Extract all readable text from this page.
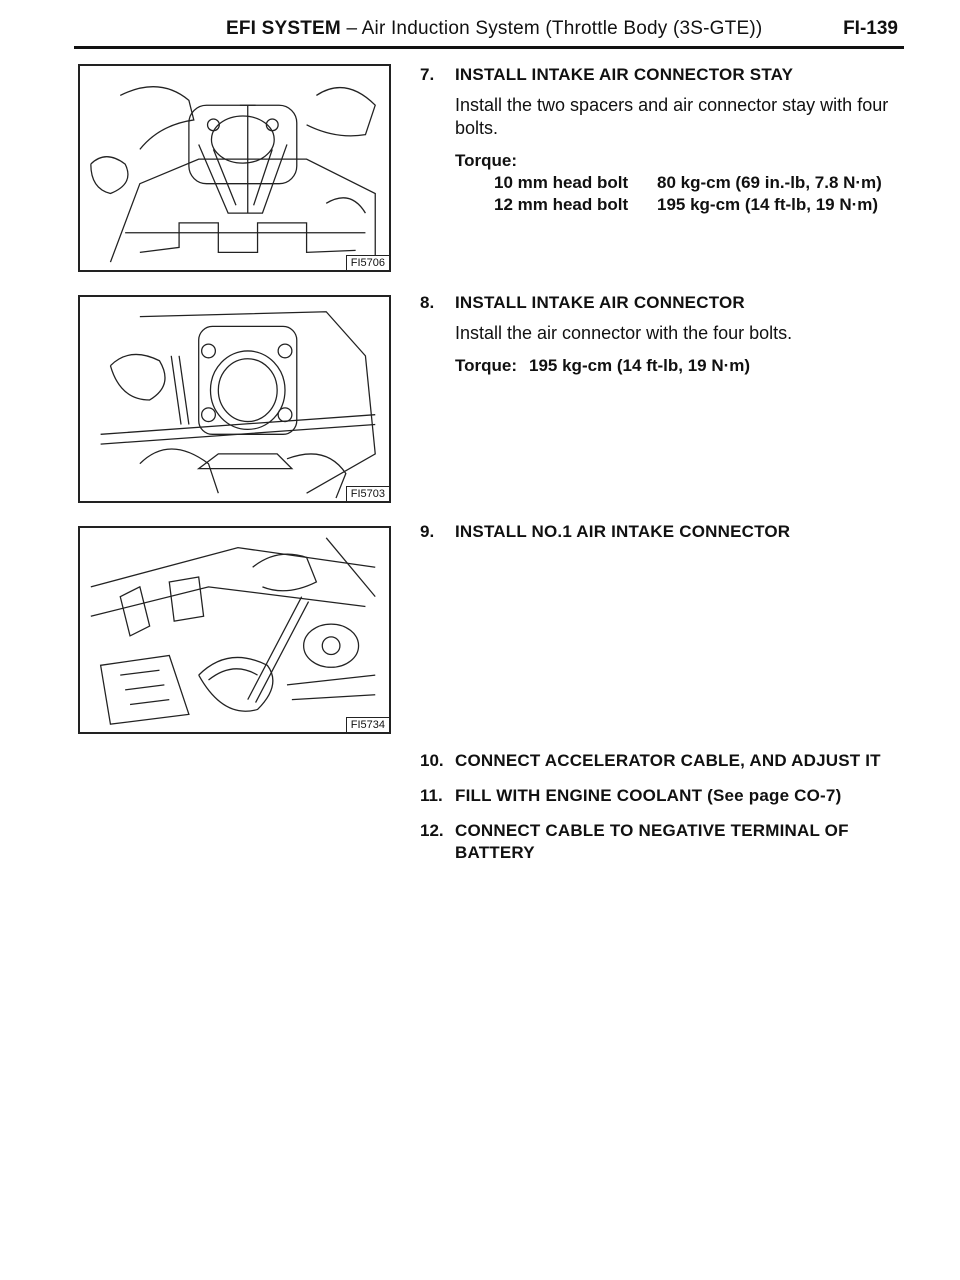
EFI SYSTEM – Air Induction System (Throttle Body (3S-GTE))	FI-139
FI5706
FI5703
FI5734
7. INSTALL INTAKE AIR CONNECTOR STAY
Install the two spacers and air connector stay with four bolts.
Torque:
10 mm head bolt	80 kg-cm (69 in.-lb, 7.8 N·m)
12 mm head bolt	195 kg-cm (14 ft-lb, 19 N·m)
8. INSTALL INTAKE AIR CONNECTOR
Install the air connector with the four bolts.
Torque: 195 kg-cm (14 ft-lb, 19 N·m)
9. INSTALL NO.1 AIR INTAKE CONNECTOR
10. CONNECT ACCELERATOR CABLE, AND ADJUST IT
11. FILL WITH ENGINE COOLANT (See page CO-7)
12. CONNECT CABLE TO NEGATIVE TERMINAL OF BATTERY
